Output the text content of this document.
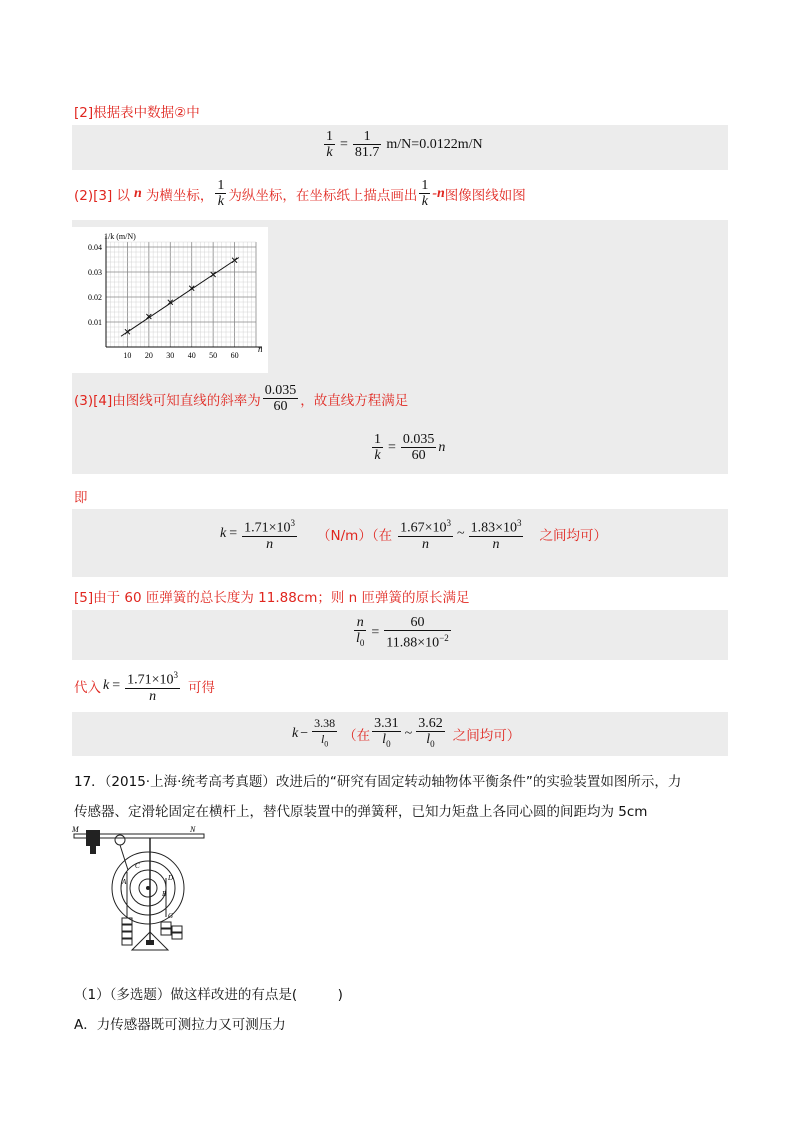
[2]根据表中数据②中
$\frac{1}{k} = \frac{1}{81.7} m/N=0.0122m/N$
(2)[3] 以 n 为横坐标， $\frac{1}{k}$ 为纵坐标，在坐标纸上描点画出 $\frac{1}{k} -n$ 图像图线如图
10 20 30 40 50 60
0.01
0.02
0.03
0.04
1/k (m/N)
n
(3)[4]由图线可知直线的斜率为 $\frac{0.035}{60}$ ，故直线方程满足
$\frac{1}{k} = \frac{0.035}{60}$ n
即
$k = \frac{1.71\times 10^3}{n} (N/m)$（在 $\frac{1.67\times 10^3}{n}$ ~ $\frac{1.83\times 10^3}{n}$ 之间均可）
[5]由于 60 匝弹簧的总长度为 11.88cm；则 n 匝弹簧的原长满足
$\frac{n}{l_0} = \frac{60}{11.88\times 10^{-2}}$
代入 $k = \frac{1.71\times 10^3}{n}$ 可得
$k - \frac{3.38}{l_0}$ （在 $\frac{3.31}{l_0}$ ~ $\frac{3.62}{l_0}$ 之间均可）
17．（2015·上海·统考高考真题）改进后的“研究有固定转动轴物体平衡条件”的实验装置如图所示，力
传感器、定滑轮固定在横杆上，替代原装置中的弹簧秤，已知力矩盘上各同心圆的间距均为 5cm
M	N
A
B
C
D
G
（1）（多选题）做这样改进的有点是(　　　)
A．力传感器既可测拉力又可测压力
